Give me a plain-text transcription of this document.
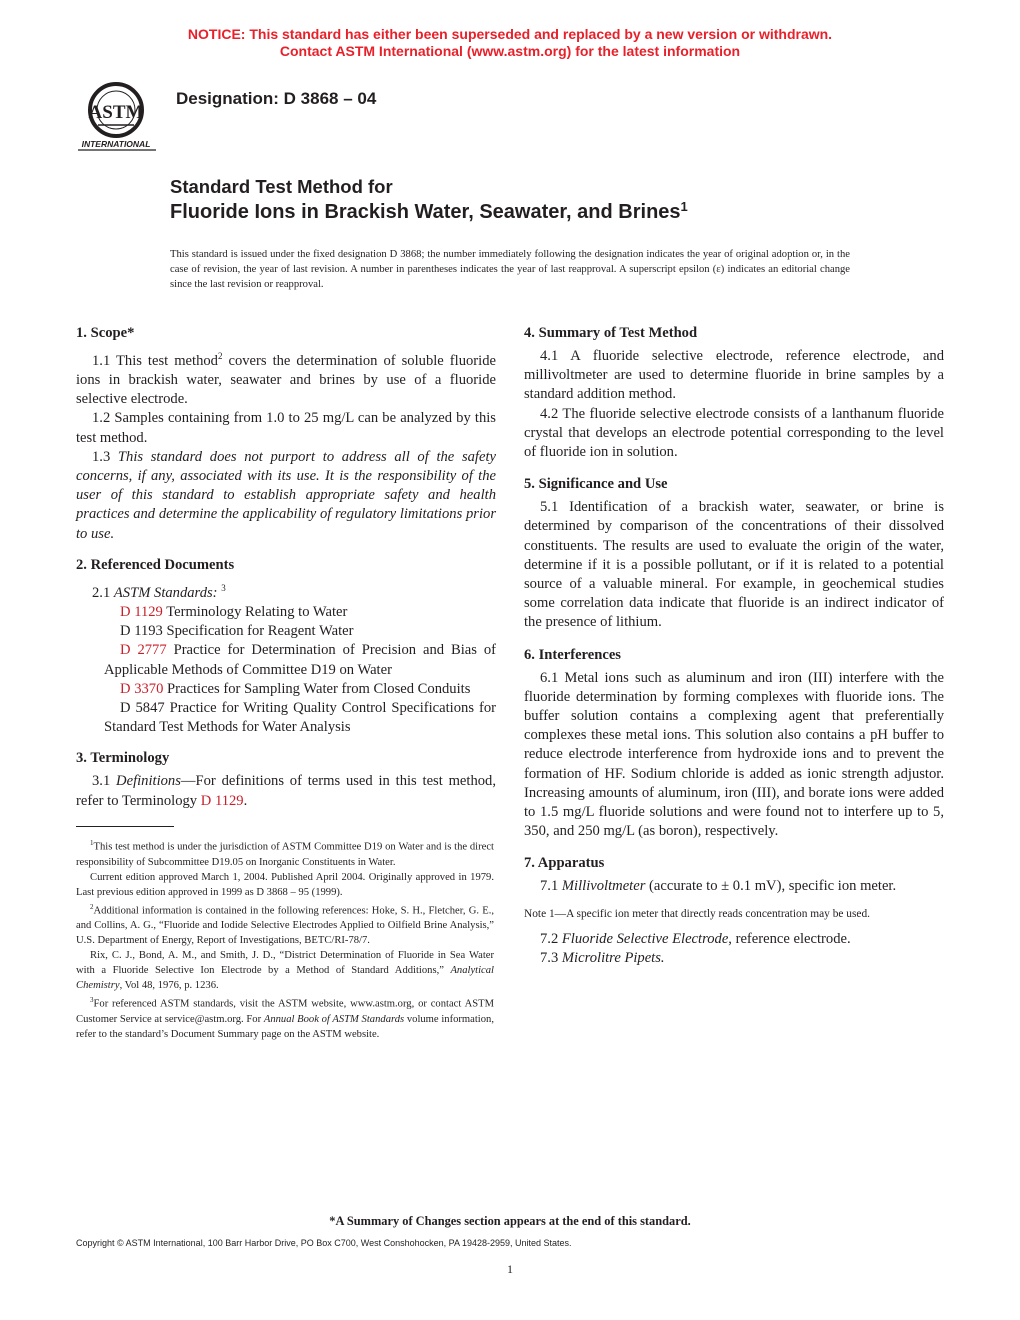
NOTICE: This standard has either been superseded and replaced by a new version or withdrawn.
Contact ASTM International (www.astm.org) for the latest information
ASTM
INTERNATIONAL
Designation: D 3868 – 04
Standard Test Method for
Fluoride Ions in Brackish Water, Seawater, and Brines$^1$
This standard is issued under the fixed designation D 3868; the number immediately following the designation indicates the year of original adoption or, in the case of revision, the year of last revision. A number in parentheses indicates the year of last reapproval. A superscript epsilon (ε) indicates an editorial change since the last revision or reapproval.
1. Scope*

1.1 This test method$^2$ covers the determination of soluble fluoride ions in brackish water, seawater and brines by use of a fluoride selective electrode.

1.2 Samples containing from 1.0 to 25 mg/L can be analyzed by this test method.

1.3 This standard does not purport to address all of the safety concerns, if any, associated with its use. It is the responsibility of the user of this standard to establish appropriate safety and health practices and determine the applicability of regulatory limitations prior to use.

2. Referenced Documents

2.1 ASTM Standards: $^3$

D 1129 Terminology Relating to Water

D 1193 Specification for Reagent Water

D 2777 Practice for Determination of Precision and Bias of Applicable Methods of Committee D19 on Water

D 3370 Practices for Sampling Water from Closed Conduits

D 5847 Practice for Writing Quality Control Specifications for Standard Test Methods for Water Analysis

3. Terminology

3.1 Definitions—For definitions of terms used in this test method, refer to Terminology D 1129.

$^1$This test method is under the jurisdiction of ASTM Committee D19 on Water and is the direct responsibility of Subcommittee D19.05 on Inorganic Constituents in Water.

Current edition approved March 1, 2004. Published April 2004. Originally approved in 1979. Last previous edition approved in 1999 as D 3868 – 95 (1999).

$^2$Additional information is contained in the following references: Hoke, S. H., Fletcher, G. E., and Collins, A. G., “Fluoride and Iodide Selective Electrodes Applied to Oilfield Brine Analysis,” U.S. Department of Energy, Report of Investigations, BETC/RI-78/7.

Rix, C. J., Bond, A. M., and Smith, J. D., “District Determination of Fluoride in Sea Water with a Fluoride Selective Ion Electrode by a Method of Standard Additions,” Analytical Chemistry, Vol 48, 1976, p. 1236.

$^3$For referenced ASTM standards, visit the ASTM website, www.astm.org, or contact ASTM Customer Service at service@astm.org. For Annual Book of ASTM Standards volume information, refer to the standard’s Document Summary page on the ASTM website.

4. Summary of Test Method

4.1 A fluoride selective electrode, reference electrode, and millivoltmeter are used to determine fluoride in brine samples by a standard addition method.

4.2 The fluoride selective electrode consists of a lanthanum fluoride crystal that develops an electrode potential corresponding to the level of fluoride ion in solution.

5. Significance and Use

5.1 Identification of a brackish water, seawater, or brine is determined by comparison of the concentrations of their dissolved constituents. The results are used to evaluate the origin of the water, determine if it is a possible pollutant, or if it is related to a potential source of a valuable mineral. For example, in geochemical studies some correlation data indicate that fluoride is an indirect indicator of the presence of lithium.

6. Interferences

6.1 Metal ions such as aluminum and iron (III) interfere with the fluoride determination by forming complexes with fluoride ions. The buffer solution contains a complexing agent that preferentially complexes these metal ions. This solution also contains a pH buffer to reduce electrode interference from hydroxide ions and to prevent the formation of HF. Sodium chloride is added as ionic strength adjustor. Increasing amounts of aluminum, iron (III), and borate ions were added to 1.5 mg/L fluoride solutions and were found not to interfere up to 5, 350, and 250 mg/L (as boron), respectively.

7. Apparatus

7.1 Millivoltmeter (accurate to ± 0.1 mV), specific ion meter.

Note 1—A specific ion meter that directly reads concentration may be used.

7.2 Fluoride Selective Electrode, reference electrode.

7.3 Microlitre Pipets.

*A Summary of Changes section appears at the end of this standard.
Copyright © ASTM International, 100 Barr Harbor Drive, PO Box C700, West Conshohocken, PA 19428-2959, United States.
1
